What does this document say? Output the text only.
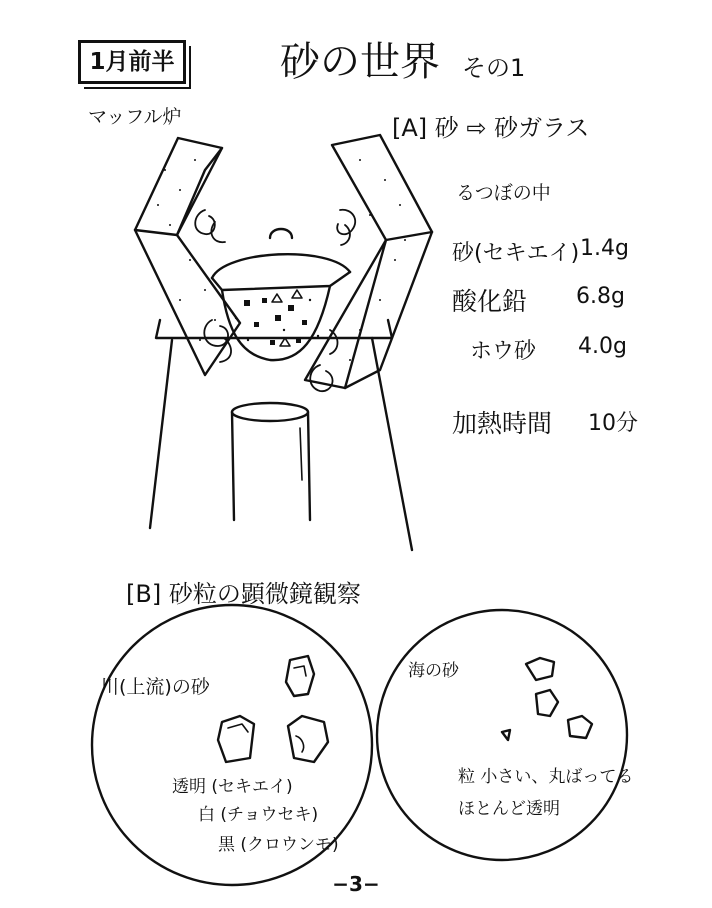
1月前半	砂の世界 その1
マッフル炉	[A] 砂 ⇨ 砂ガラス
るつぼの中
砂(セキエイ) 1.4g
酸化鉛 6.8g
ホウ砂 4.0g
加熱時間 10分
[B] 砂粒の顕微鏡観察
川(上流)の砂
透明 (セキエイ)
白 (チョウセキ)
黒 (クロウンモ)
海の砂
粒 小さい、丸ばってる
ほとんど透明
−3−
